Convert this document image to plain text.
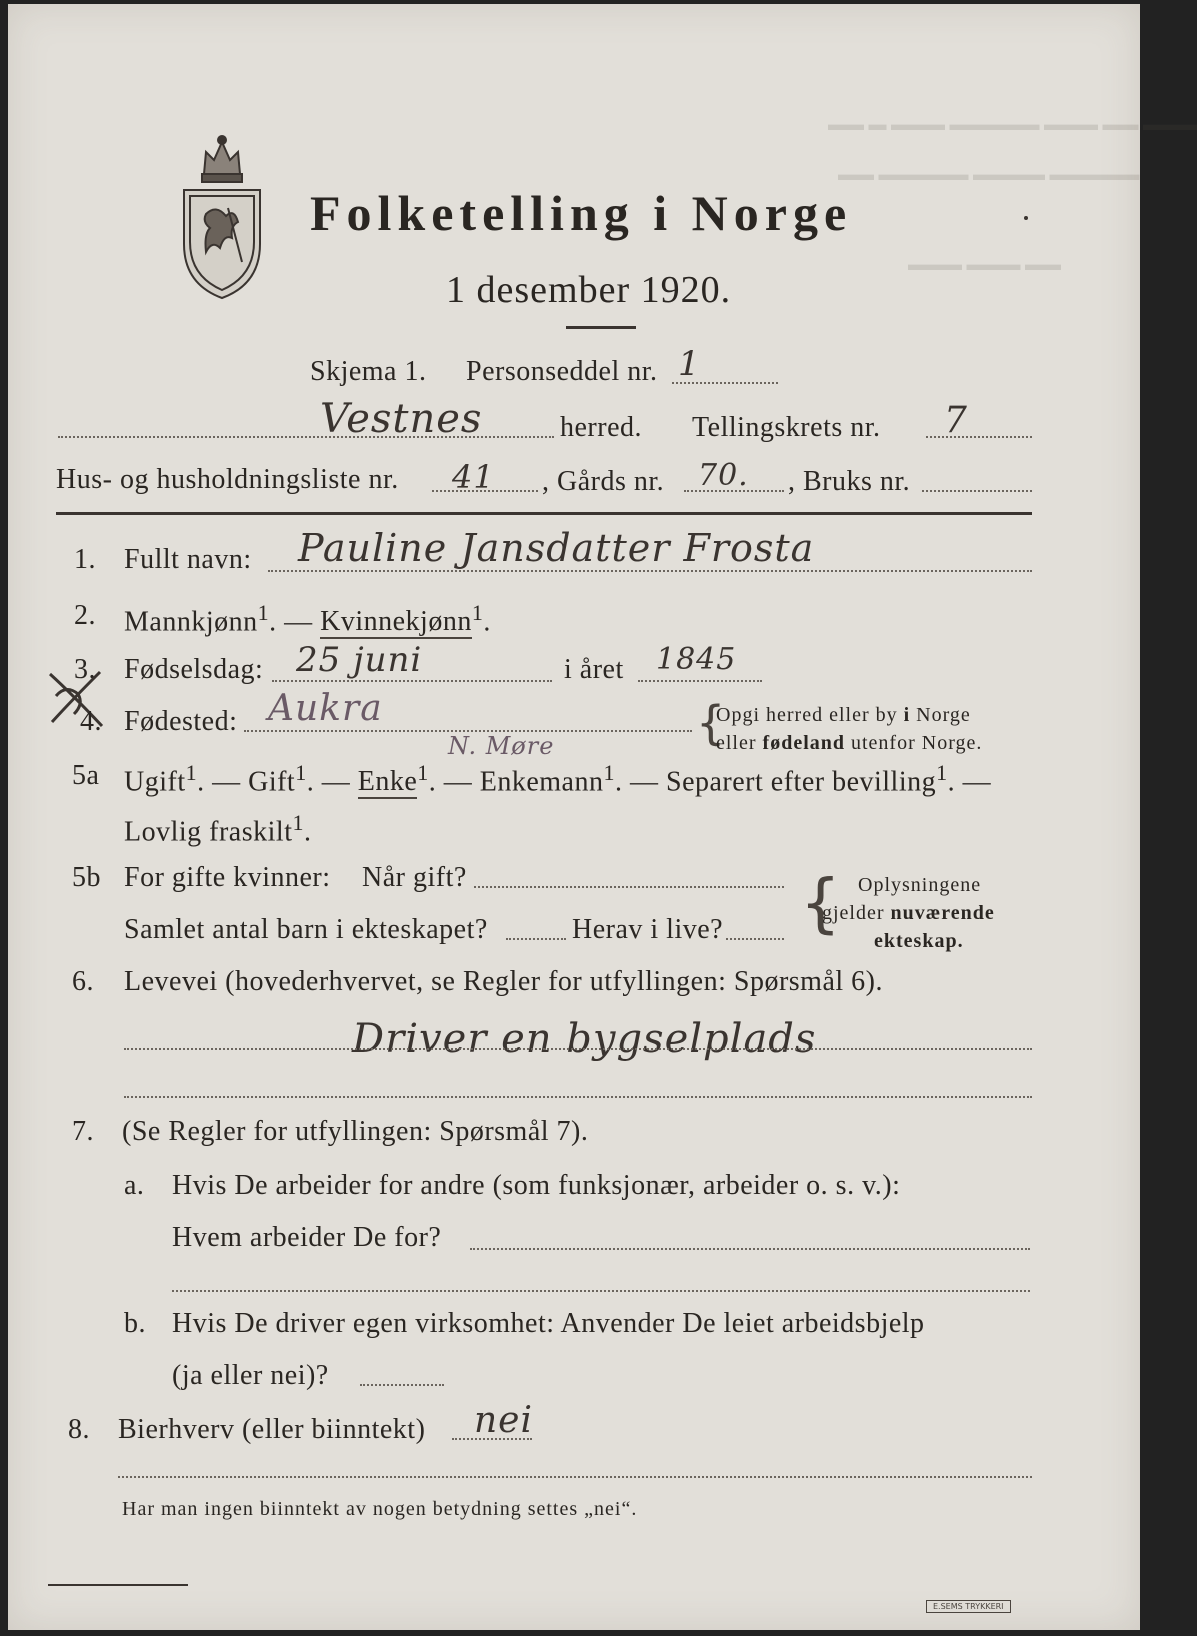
▬▬ ▬ ▬▬▬ ▬▬▬▬▬ ▬▬▬ ▬▬ ▬▬▬
▬▬ ▬▬▬▬▬ ▬▬▬▬ ▬▬▬▬▬
▬▬▬ ▬▬▬ ▬▬
Folketelling i Norge
1 desember 1920.
Skjema 1. Personseddel nr. 1
Vestnes	herred. Tellingskrets nr. 7
Hus- og husholdningsliste nr. 41 , Gårds nr. 70. , Bruks nr.
1. Fullt navn: Pauline Jansdatter Frosta
2. Mannkjønn$^1$. — Kvinnekjønn$^1$.
3. Fødselsdag: 25 juni	i året 1845
4. Fødested: Aukra
N. Møre	{
Opgi herred eller by i Norge
eller fødeland utenfor Norge.
5a Ugift$^1$. — Gift$^1$. — Enke$^1$. — Enkemann$^1$. — Separert efter bevilling$^1$. —
Lovlig fraskilt$^1$.
5b For gifte kvinner: Når gift?
Samlet antal barn i ekteskapet?	Herav i live? { Oplysningene
gjelder nuværende
ekteskap.
6. Levevei (hovederhvervet, se Regler for utfyllingen: Spørsmål 6).
Driver en bygselplads
7. (Se Regler for utfyllingen: Spørsmål 7).
a. Hvis De arbeider for andre (som funksjonær, arbeider o. s. v.):
Hvem arbeider De for?
b. Hvis De driver egen virksomhet: Anvender De leiet arbeidsbjelp
(ja eller nei)?
8. Bierhverv (eller biinntekt) nei
Har man ingen biinntekt av nogen betydning settes „nei“.
E.SEMS TRYKKERI
